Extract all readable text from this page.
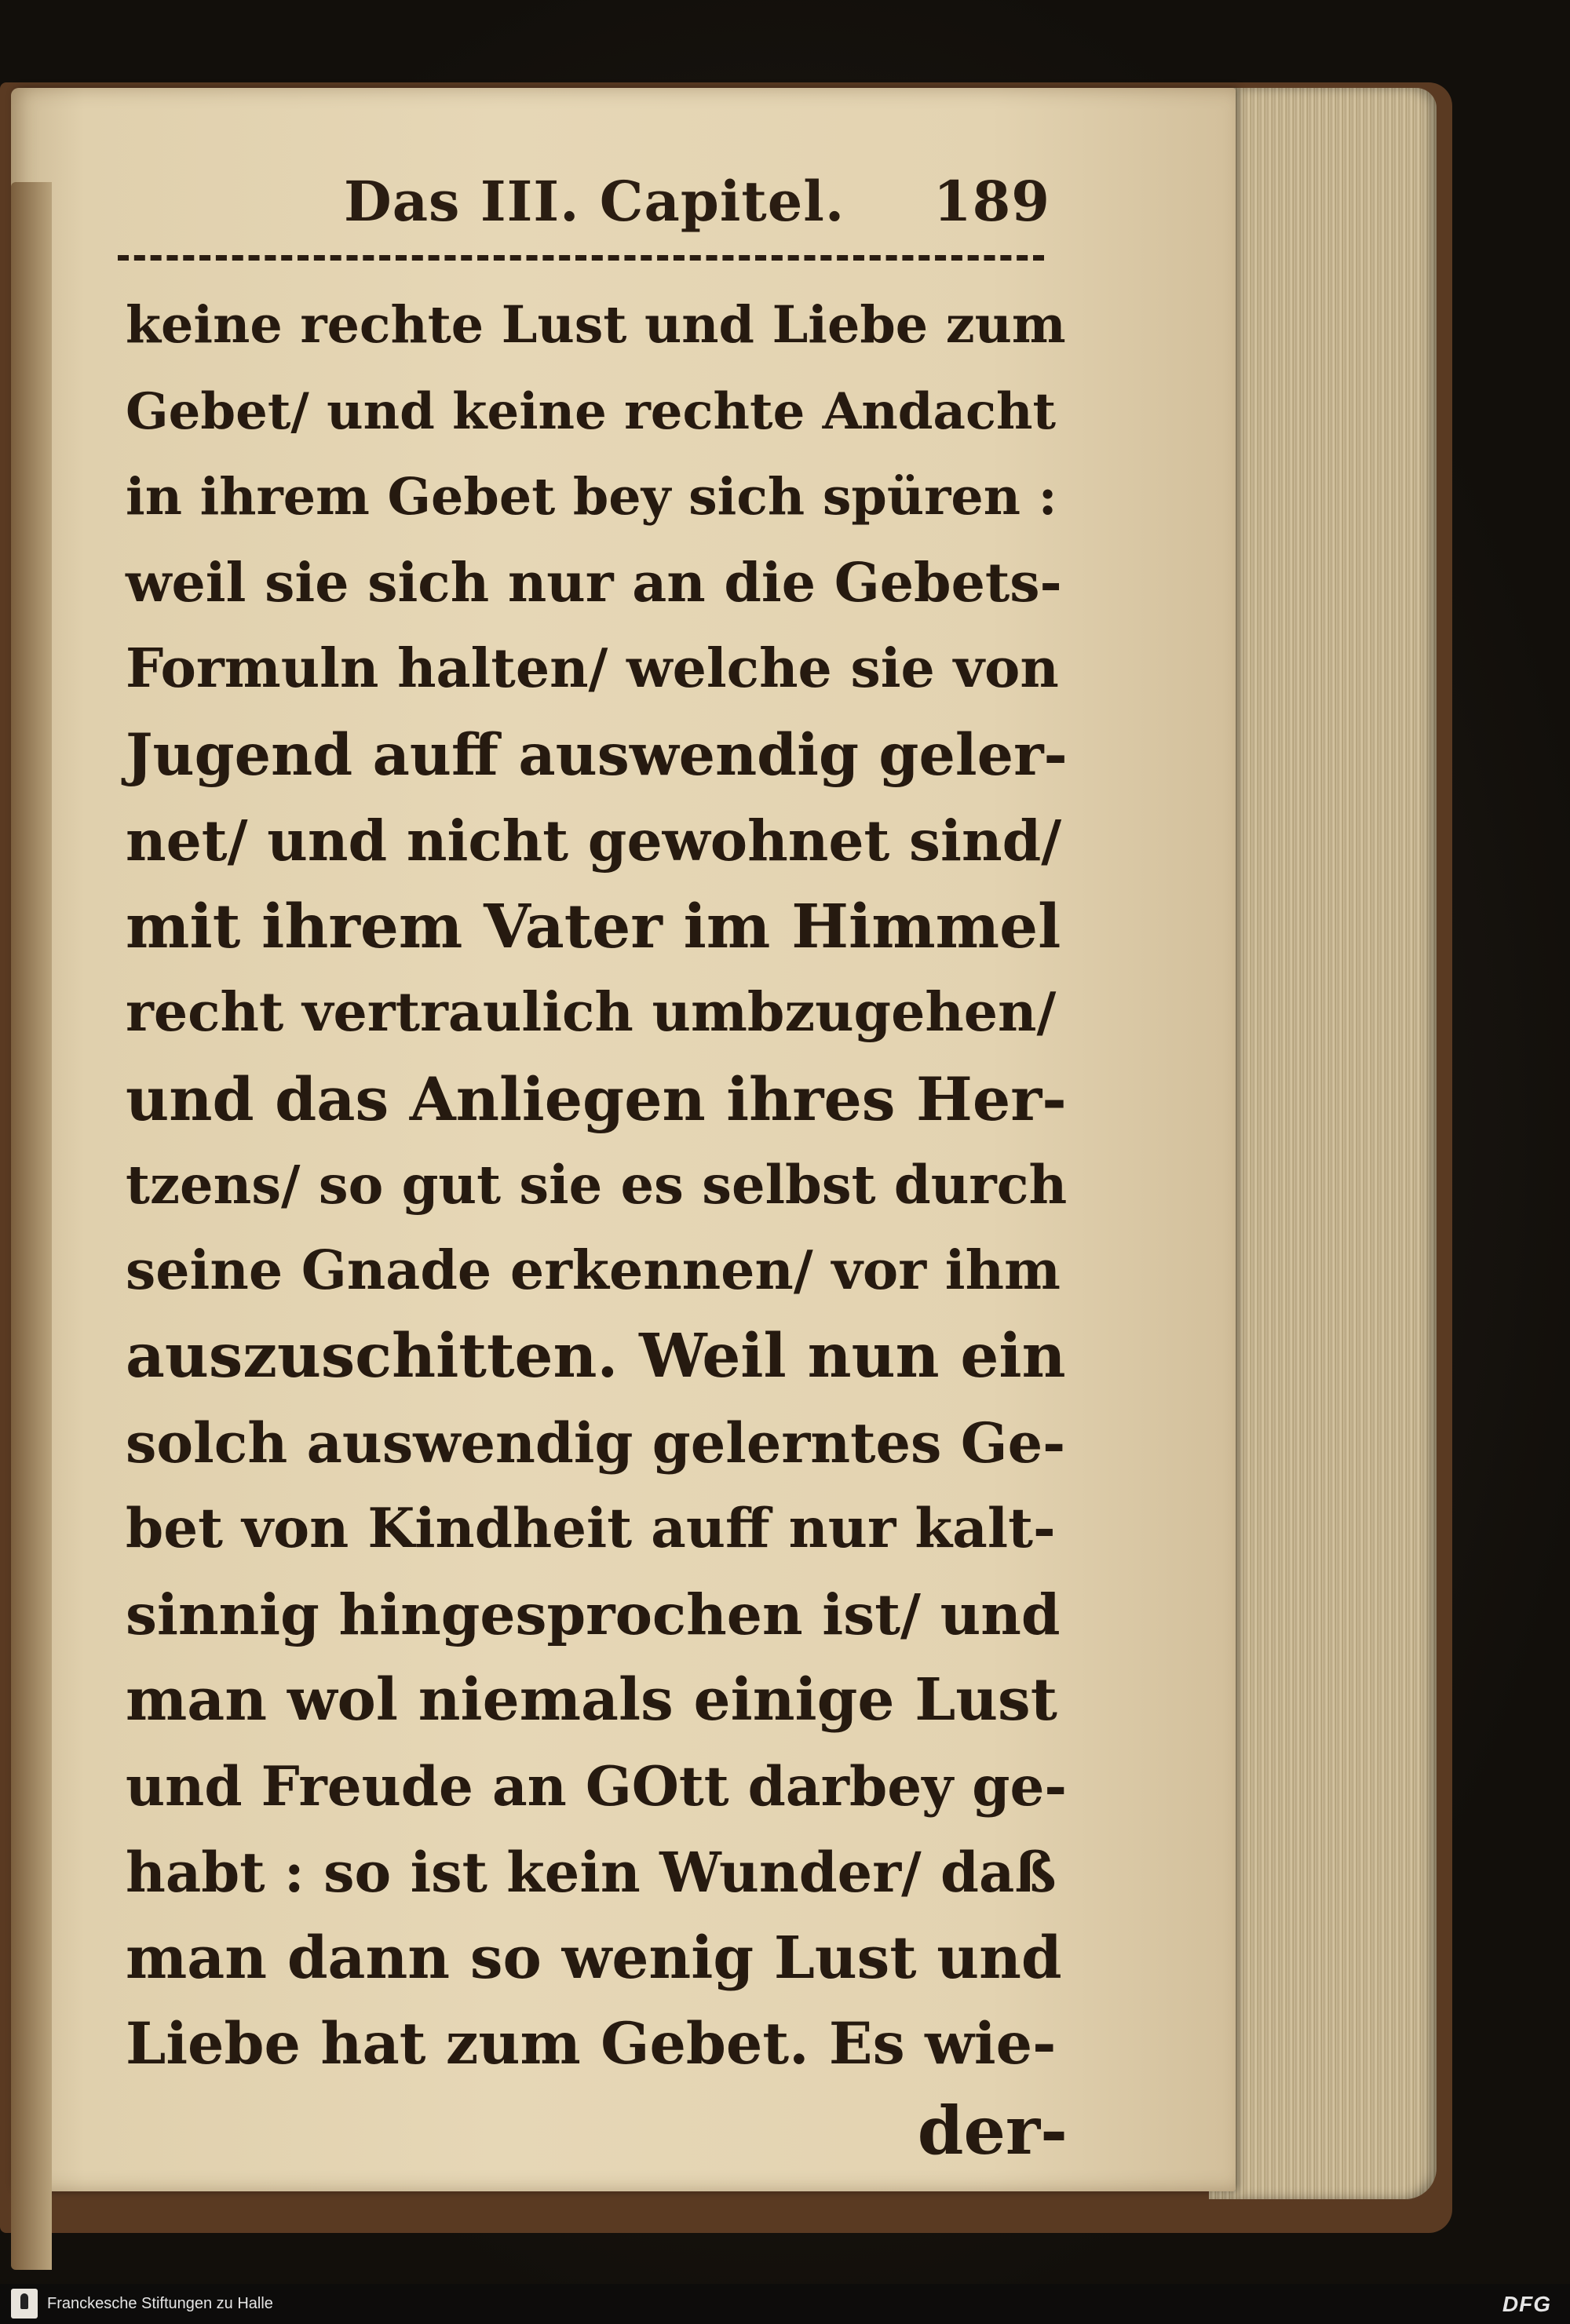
Das III. Capitel. 189
keine rechte Lust und Liebe zum
Gebet/ und keine rechte Andacht
in ihrem Gebet bey sich spüren :
weil sie sich nur an die Gebets-
Formuln halten/ welche sie von
Jugend auff auswendig geler-
net/ und nicht gewohnet sind/
mit ihrem Vater im Himmel
recht vertraulich umbzugehen/
und das Anliegen ihres Her-
tzens/ so gut sie es selbst durch
seine Gnade erkennen/ vor ihm
auszuschitten. Weil nun ein
solch auswendig gelerntes Ge-
bet von Kindheit auff nur kalt-
sinnig hingesprochen ist/ und
man wol niemals einige Lust
und Freude an GOtt darbey ge-
habt : so ist kein Wunder/ daß
man dann so wenig Lust und
Liebe hat zum Gebet. Es wie-
der-
Franckesche Stiftungen zu Halle	DFG
